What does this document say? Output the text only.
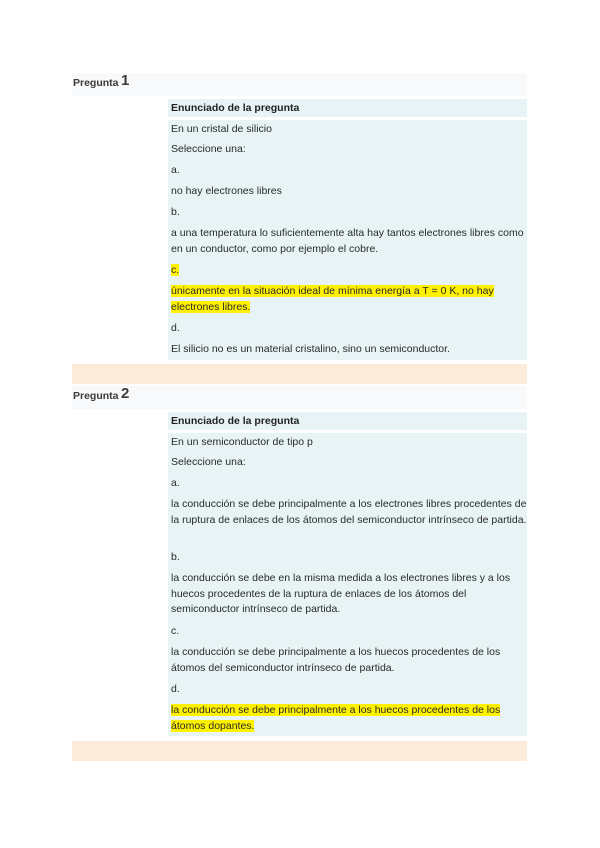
Pregunta 1
Enunciado de la pregunta
En un cristal de silicio
Seleccione una:
a.
no hay electrones libres
b.
a una temperatura lo suficientemente alta hay tantos electrones libres como en un conductor, como por ejemplo el cobre.
c.
únicamente en la situación ideal de mínima energía a T = 0 K, no hay electrones libres.
d.
El silicio no es un material cristalino, sino un semiconductor.
Pregunta 2
Enunciado de la pregunta
En un semiconductor de tipo p
Seleccione una:
a.
la conducción se debe principalmente a los electrones libres procedentes de la ruptura de enlaces de los átomos del semiconductor intrínseco de partida.
b.
la conducción se debe en la misma medida a los electrones libres y a los huecos procedentes de la ruptura de enlaces de los átomos del semiconductor intrínseco de partida.
c.
la conducción se debe principalmente a los huecos procedentes de los átomos del semiconductor intrínseco de partida.
d.
la conducción se debe principalmente a los huecos procedentes de los átomos dopantes.
